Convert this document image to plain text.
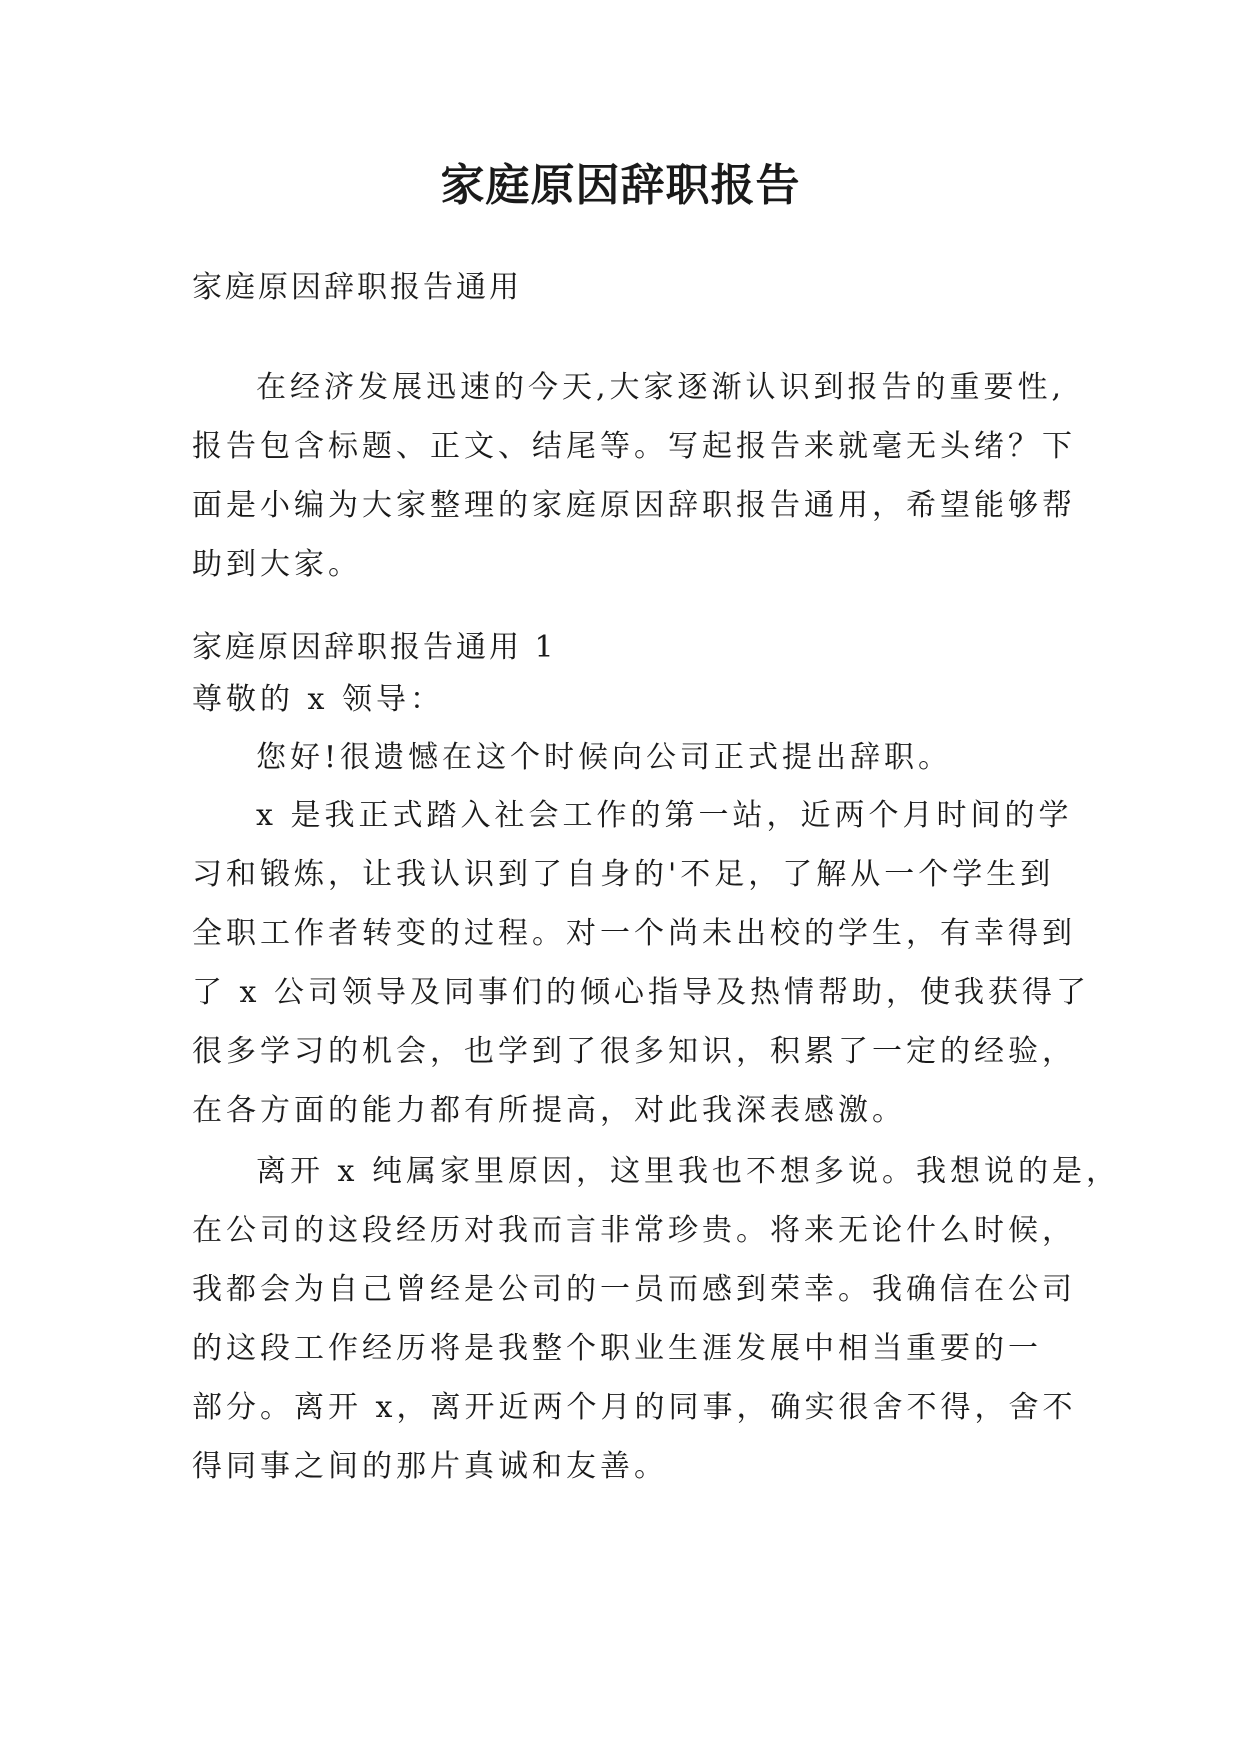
家庭原因辞职报告
家庭原因辞职报告通用
在经济发展迅速的今天,大家逐渐认识到报告的重要性,
报告包含标题、正文、结尾等。写起报告来就毫无头绪？下
面是小编为大家整理的家庭原因辞职报告通用，希望能够帮
助到大家。
家庭原因辞职报告通用 1
尊敬的 x 领导：
您好!很遗憾在这个时候向公司正式提出辞职。
x 是我正式踏入社会工作的第一站，近两个月时间的学
习和锻炼，让我认识到了自身的'不足，了解从一个学生到
全职工作者转变的过程。对一个尚未出校的学生，有幸得到
了 x 公司领导及同事们的倾心指导及热情帮助，使我获得了
很多学习的机会，也学到了很多知识，积累了一定的经验，
在各方面的能力都有所提高，对此我深表感激。
离开 x 纯属家里原因，这里我也不想多说。我想说的是，
在公司的这段经历对我而言非常珍贵。将来无论什么时候，
我都会为自己曾经是公司的一员而感到荣幸。我确信在公司
的这段工作经历将是我整个职业生涯发展中相当重要的一
部分。离开 x，离开近两个月的同事，确实很舍不得，舍不
得同事之间的那片真诚和友善。
